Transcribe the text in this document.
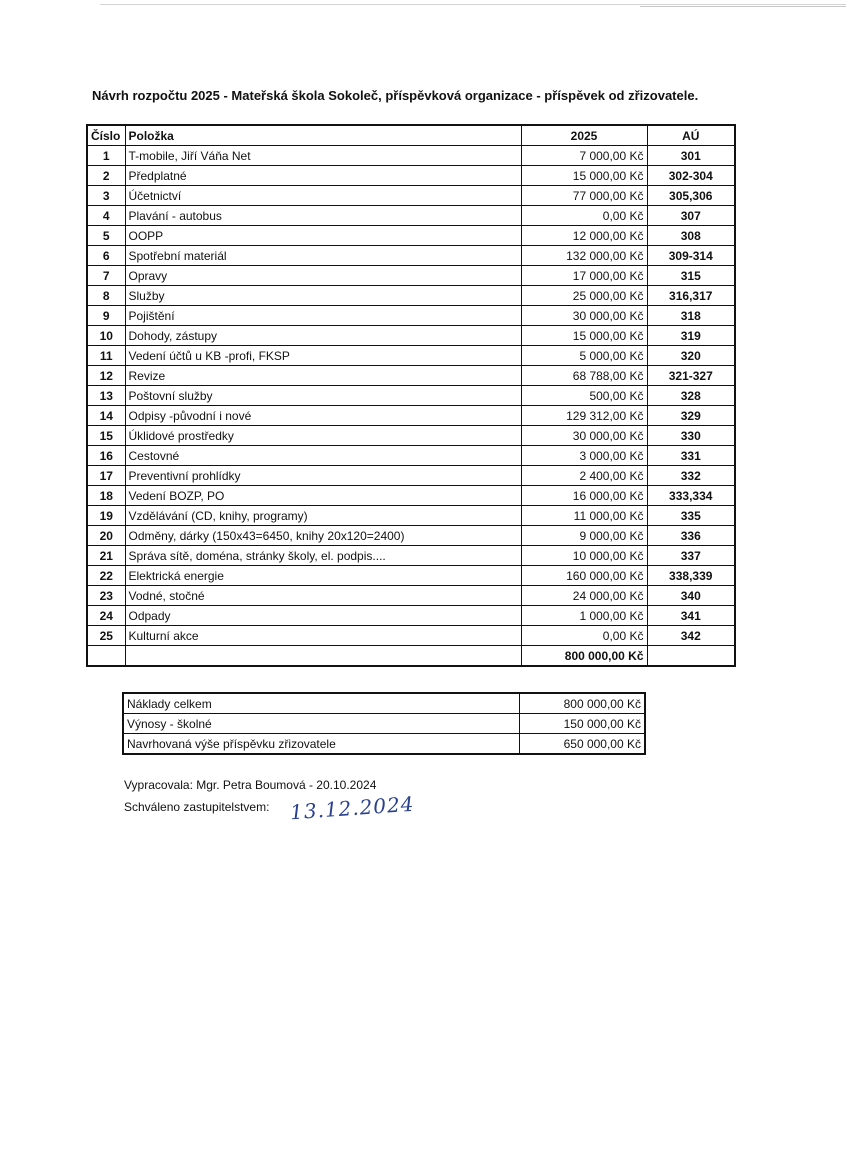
Návrh rozpočtu 2025 - Mateřská škola Sokoleč, příspěvková organizace - příspěvek od zřizovatele.
Číslo	Položka	2025	AÚ
1	T-mobile, Jiří Váňa Net	7 000,00 Kč	301
2	Předplatné	15 000,00 Kč	302-304
3	Účetnictví	77 000,00 Kč	305,306
4	Plavání - autobus	0,00 Kč	307
5	OOPP	12 000,00 Kč	308
6	Spotřební materiál	132 000,00 Kč	309-314
7	Opravy	17 000,00 Kč	315
8	Služby	25 000,00 Kč	316,317
9	Pojištění	30 000,00 Kč	318
10	Dohody, zástupy	15 000,00 Kč	319
11	Vedení účtů u KB -profi, FKSP	5 000,00 Kč	320
12	Revize	68 788,00 Kč	321-327
13	Poštovní služby	500,00 Kč	328
14	Odpisy -původní i nové	129 312,00 Kč	329
15	Úklidové prostředky	30 000,00 Kč	330
16	Cestovné	3 000,00 Kč	331
17	Preventivní prohlídky	2 400,00 Kč	332
18	Vedení BOZP, PO	16 000,00 Kč	333,334
19	Vzdělávání (CD, knihy, programy)	11 000,00 Kč	335
20	Odměny, dárky (150x43=6450, knihy 20x120=2400)	9 000,00 Kč	336
21	Správa sítě, doména, stránky školy, el. podpis....	10 000,00 Kč	337
22	Elektrická energie	160 000,00 Kč	338,339
23	Vodné, stočné	24 000,00 Kč	340
24	Odpady	1 000,00 Kč	341
25	Kulturní akce	0,00 Kč	342
		800 000,00 Kč	
Náklady celkem	800 000,00 Kč
Výnosy - školné	150 000,00 Kč
Navrhovaná výše příspěvku zřizovatele	650 000,00 Kč
Vypracovala: Mgr. Petra Boumová - 20.10.2024
Schváleno zastupitelstvem: 13.12.2024
